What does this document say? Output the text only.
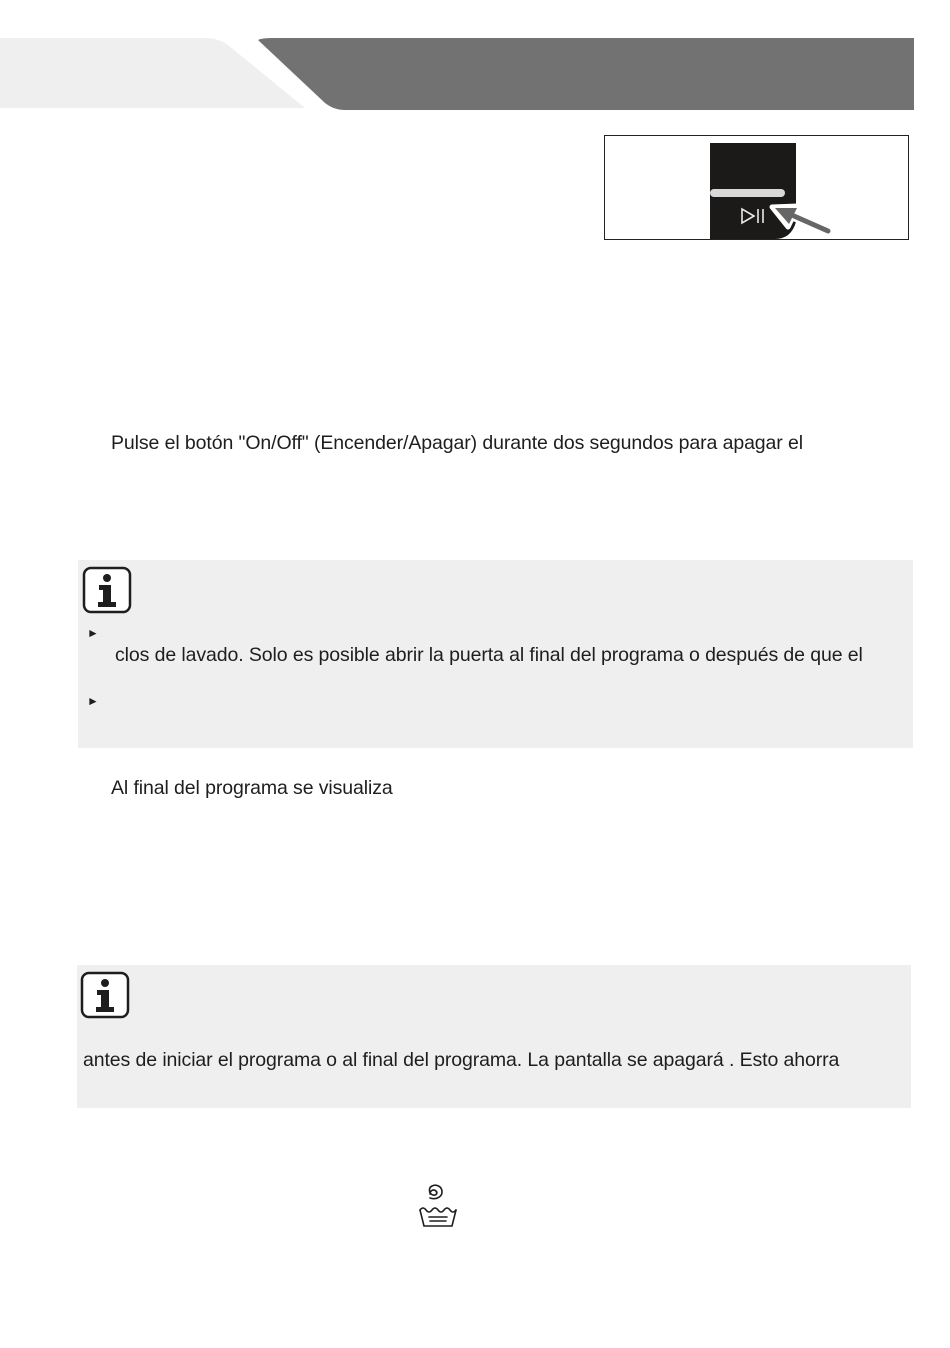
Pulse el botón "On/Off" (Encender/Apagar) durante dos segundos para apagar el
►
clos de lavado. Solo es posible abrir la puerta al final del programa o después de que el
►
Al final del programa se visualiza
antes de iniciar el programa o al final del programa. La pantalla se apagará . Esto ahorra
